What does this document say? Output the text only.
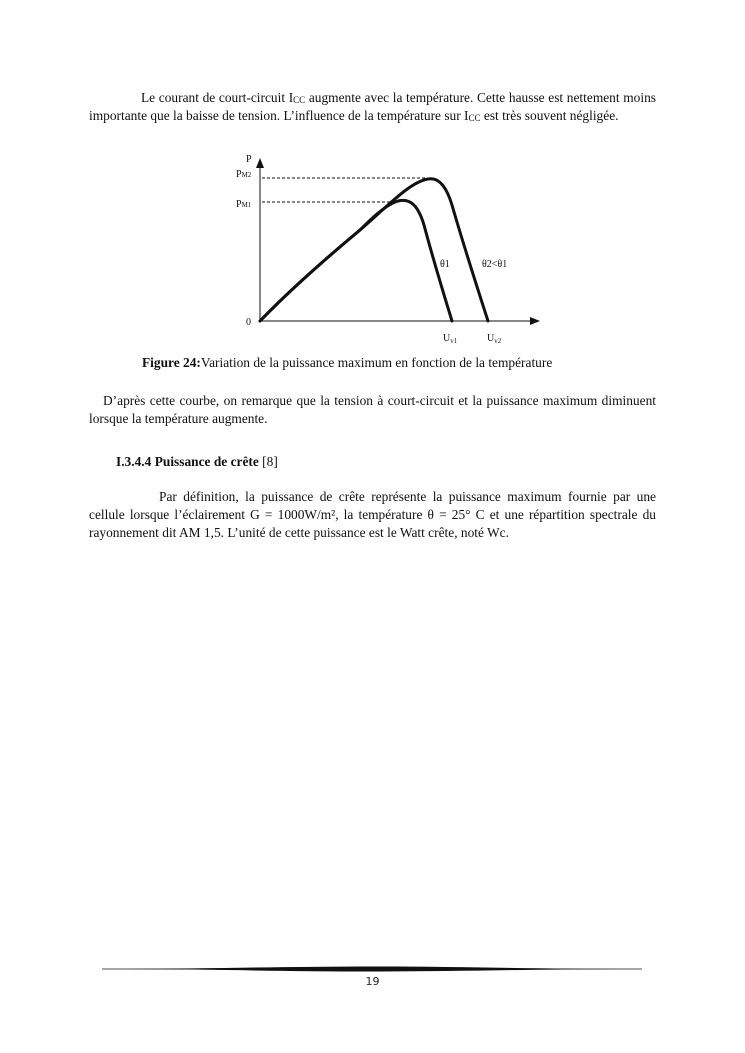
Le courant de court-circuit $I_{CC}$ augmente avec la température. Cette hausse est nettement moins importante que la baisse de tension. L’influence de la température sur $I_{CC}$ est très souvent négligée.

P
PM2
PM1
0
θ1	θ2<θ1
$U_{v1}$	$U_{v2}$
Figure 24:Variation de la puissance maximum en fonction de la température

D’après cette courbe, on remarque que la tension à court-circuit et la puissance maximum diminuent lorsque la température augmente.

I.3.4.4 Puissance de crête [8]

Par définition, la puissance de crête représente la puissance maximum fournie par une cellule lorsque l’éclairement G = 1000W/m², la température θ = 25° C et une répartition spectrale du rayonnement dit AM 1,5. L’unité de cette puissance est le Watt crête, noté Wc.

19
